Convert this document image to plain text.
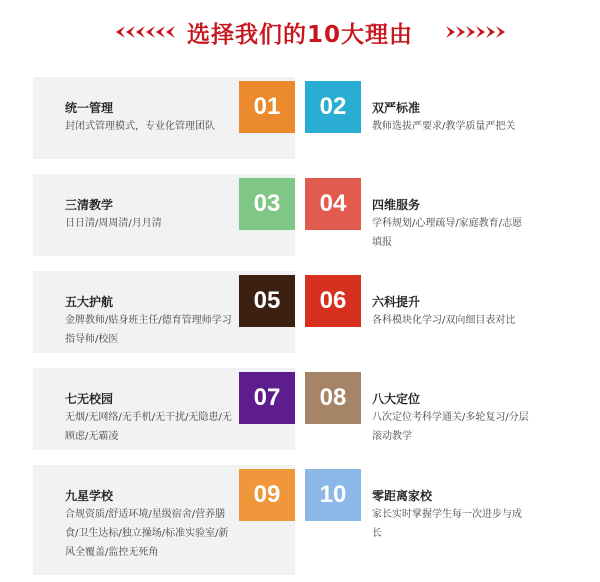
选择我们的10大理由
统一管理
封闭式管理模式，专业化管理团队
01	02	双严标准
教师选拔严要求/教学质量严把关
三清教学
日日清/周周清/月月清
03	04	四维服务
学科规划/心理疏导/家庭教育/志愿填报
五大护航
金牌教师/贴身班主任/德育管理师学习指导师/校医
05	06	六科提升
各科模块化学习/双向细目表对比
七无校园
无烟/无网络/无手机/无干扰/无隐患/无顾虑/无霸凌
07	08	八大定位
八次定位考科学通关/多轮复习/分层滚动教学
九星学校
合规资质/舒适环境/星级宿舍/营养膳食/卫生达标/独立操场/标准实验室/新风全覆盖/监控无死角
09	10	零距离家校
家长实时掌握学生每一次进步与成长
